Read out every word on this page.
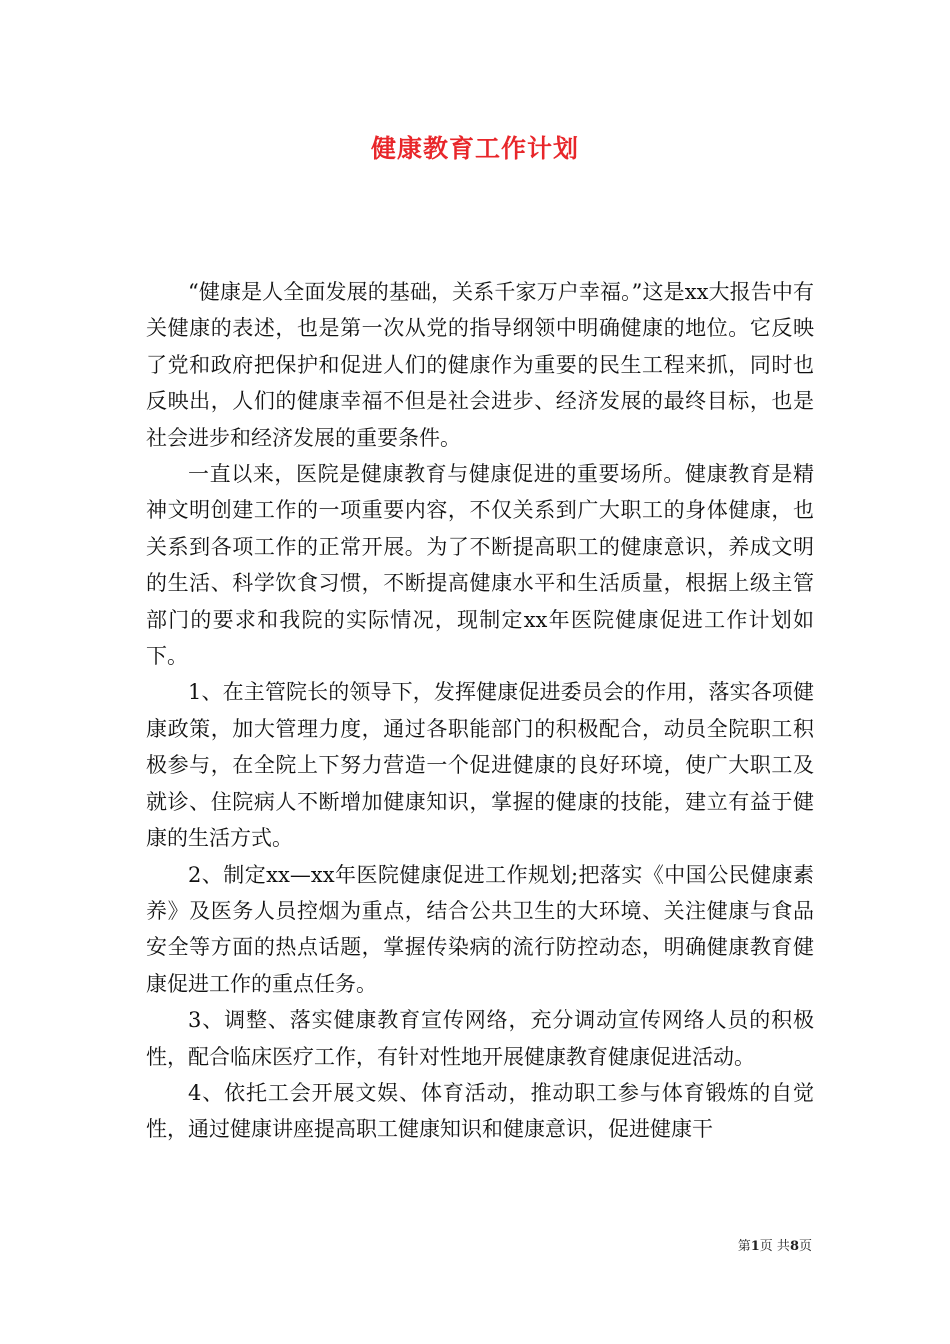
健康教育工作计划

“健康是人全面发展的基础，关系千家万户幸福。”这是xx大报告中有关健康的表述，也是第一次从党的指导纲领中明确健康的地位。它反映了党和政府把保护和促进人们的健康作为重要的民生工程来抓，同时也反映出，人们的健康幸福不但是社会进步、经济发展的最终目标，也是社会进步和经济发展的重要条件。

一直以来，医院是健康教育与健康促进的重要场所。健康教育是精神文明创建工作的一项重要内容，不仅关系到广大职工的身体健康，也关系到各项工作的正常开展。为了不断提高职工的健康意识，养成文明的生活、科学饮食习惯，不断提高健康水平和生活质量，根据上级主管部门的要求和我院的实际情况，现制定xx年医院健康促进工作计划如下。

1、在主管院长的领导下，发挥健康促进委员会的作用，落实各项健康政策，加大管理力度，通过各职能部门的积极配合，动员全院职工积极参与，在全院上下努力营造一个促进健康的良好环境，使广大职工及就诊、住院病人不断增加健康知识，掌握的健康的技能，建立有益于健康的生活方式。

2、制定xx—xx年医院健康促进工作规划;把落实《中国公民健康素养》及医务人员控烟为重点，结合公共卫生的大环境、关注健康与食品安全等方面的热点话题，掌握传染病的流行防控动态，明确健康教育健康促进工作的重点任务。

3、调整、落实健康教育宣传网络，充分调动宣传网络人员的积极性，配合临床医疗工作，有针对性地开展健康教育健康促进活动。

4、依托工会开展文娱、体育活动，推动职工参与体育锻炼的自觉性，通过健康讲座提高职工健康知识和健康意识，促进健康干

第1页 共8页
